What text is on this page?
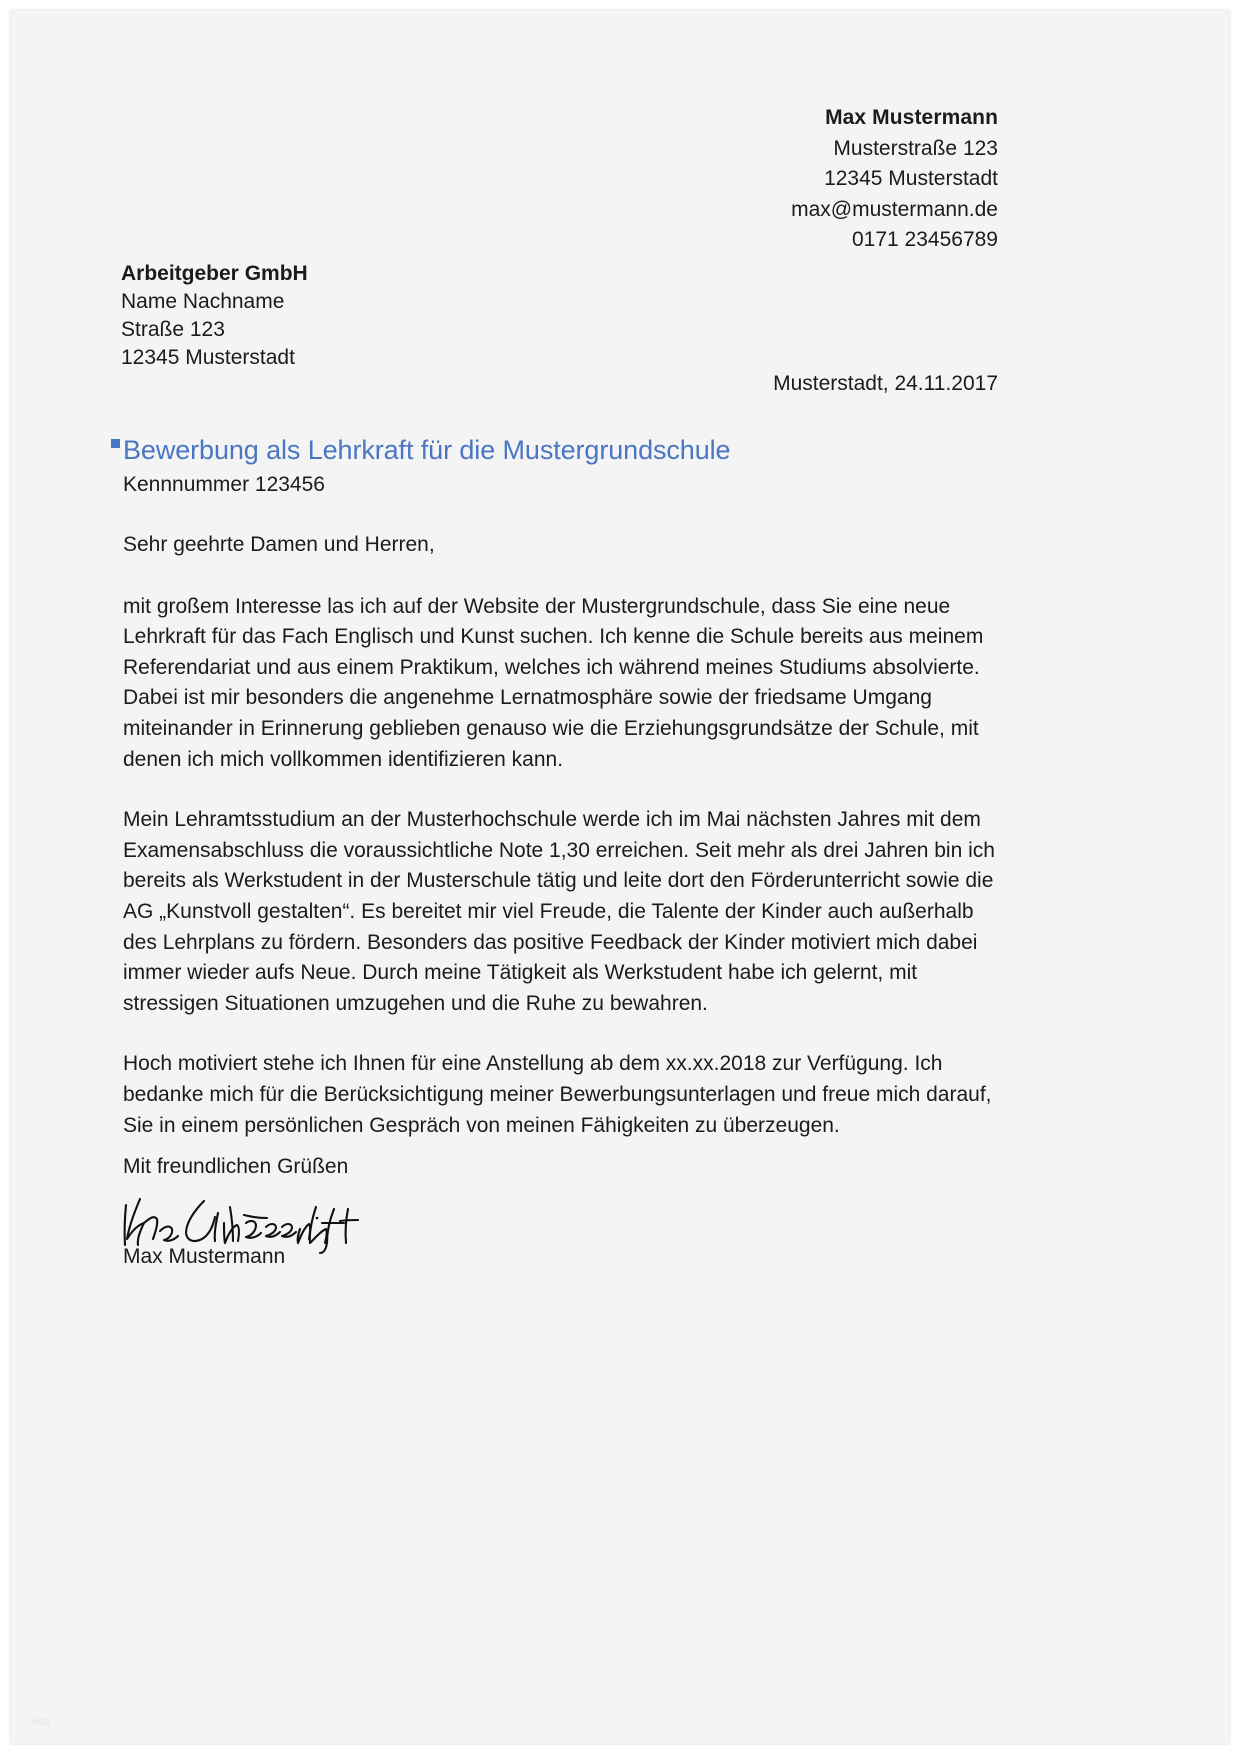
Max Mustermann
Musterstraße 123
12345 Musterstadt
max@mustermann.de
0171 23456789
Arbeitgeber GmbH
Name Nachname
Straße 123
12345 Musterstadt
Musterstadt, 24.11.2017
Bewerbung als Lehrkraft für die Mustergrundschule
Kennnummer 123456

Sehr geehrte Damen und Herren,

mit großem Interesse las ich auf der Website der Mustergrundschule, dass Sie eine neue Lehrkraft für das Fach Englisch und Kunst suchen. Ich kenne die Schule bereits aus meinem Referendariat und aus einem Praktikum, welches ich während meines Studiums absolvierte. Dabei ist mir besonders die angenehme Lernatmosphäre sowie der friedsame Umgang miteinander in Erinnerung geblieben genauso wie die Erziehungsgrundsätze der Schule, mit denen ich mich vollkommen identifizieren kann.

Mein Lehramtsstudium an der Musterhochschule werde ich im Mai nächsten Jahres mit dem Examensabschluss die voraussichtliche Note 1,30 erreichen. Seit mehr als drei Jahren bin ich bereits als Werkstudent in der Musterschule tätig und leite dort den Förderunterricht sowie die AG „Kunstvoll gestalten“. Es bereitet mir viel Freude, die Talente der Kinder auch außerhalb des Lehrplans zu fördern. Besonders das positive Feedback der Kinder motiviert mich dabei immer wieder aufs Neue. Durch meine Tätigkeit als Werkstudent habe ich gelernt, mit stressigen Situationen umzugehen und die Ruhe zu bewahren.

Hoch motiviert stehe ich Ihnen für eine Anstellung ab dem xx.xx.2018 zur Verfügung. Ich bedanke mich für die Berücksichtigung meiner Bewerbungsunterlagen und freue mich darauf, Sie in einem persönlichen Gespräch von meinen Fähigkeiten zu überzeugen.

Mit freundlichen Grüßen
Max Mustermann
Hug
